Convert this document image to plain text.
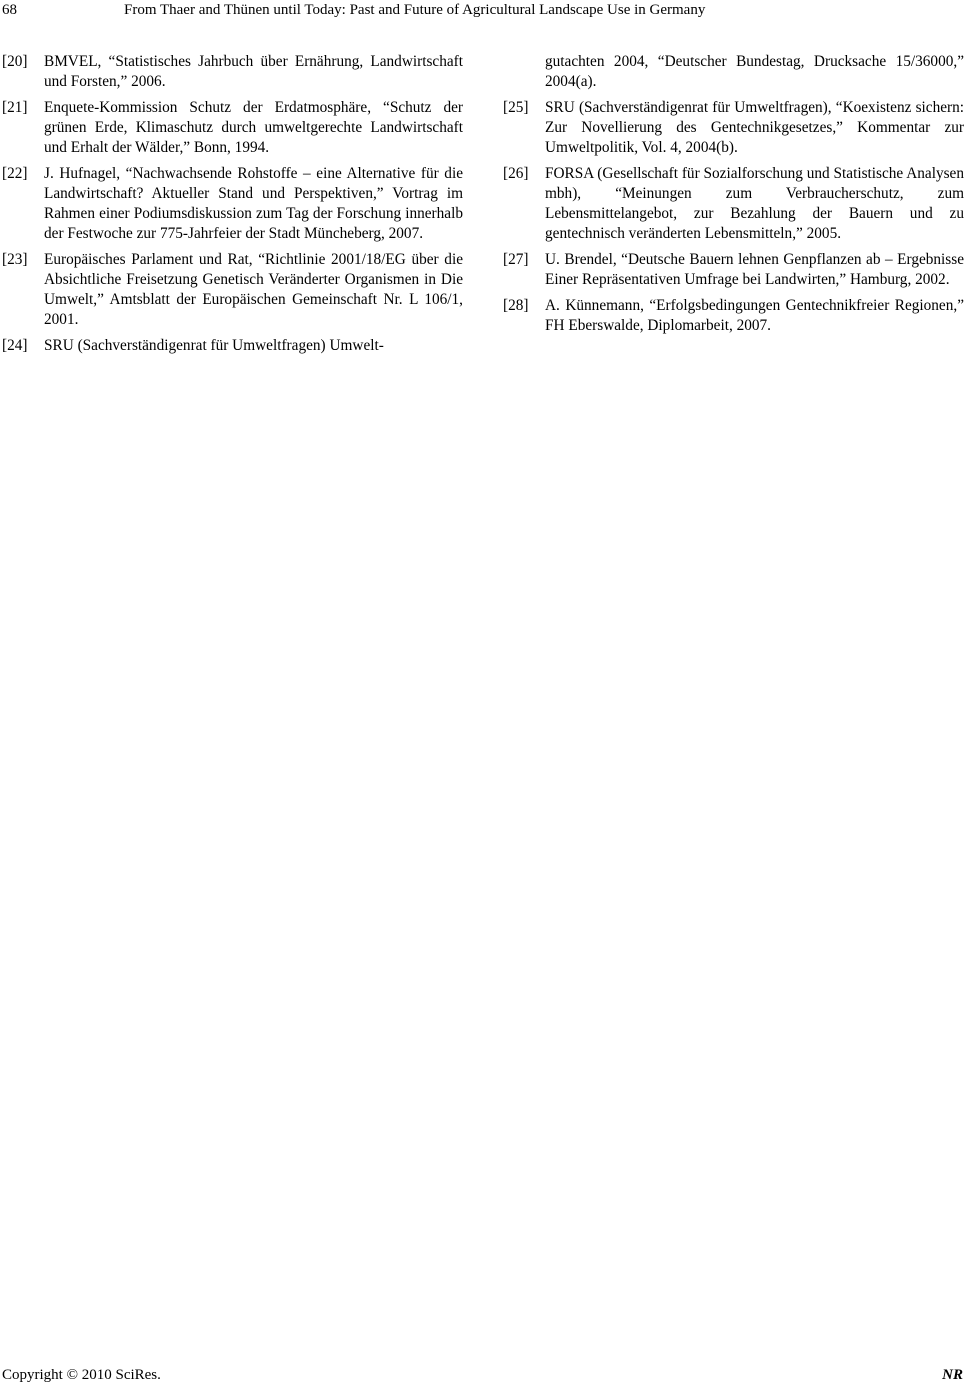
68	From Thaer and Thünen until Today: Past and Future of Agricultural Landscape Use in Germany
[20] BMVEL, “Statistisches Jahrbuch über Ernährung, Landwirtschaft und Forsten,” 2006.
[21] Enquete-Kommission Schutz der Erdatmosphäre, “Schutz der grünen Erde, Klimaschutz durch umweltgerechte Landwirtschaft und Erhalt der Wälder,” Bonn, 1994.
[22] J. Hufnagel, “Nachwachsende Rohstoffe – eine Alternative für die Landwirtschaft? Aktueller Stand und Perspektiven,” Vortrag im Rahmen einer Podiumsdiskussion zum Tag der Forschung innerhalb der Festwoche zur 775-Jahrfeier der Stadt Müncheberg, 2007.
[23] Europäisches Parlament und Rat, “Richtlinie 2001/18/EG über die Absichtliche Freisetzung Genetisch Veränderter Organismen in Die Umwelt,” Amtsblatt der Europäischen Gemeinschaft Nr. L 106/1, 2001.
[24] SRU (Sachverständigenrat für Umweltfragen) Umwelt-
gutachten 2004, “Deutscher Bundestag, Drucksache 15/36000,” 2004(a).
[25] SRU (Sachverständigenrat für Umweltfragen), “Koexistenz sichern: Zur Novellierung des Gentechnikgesetzes,” Kommentar zur Umweltpolitik, Vol. 4, 2004(b).
[26] FORSA (Gesellschaft für Sozialforschung und Statistische Analysen mbh), “Meinungen zum Verbraucherschutz, zum Lebensmittelangebot, zur Bezahlung der Bauern und zu gentechnisch veränderten Lebensmitteln,” 2005.
[27] U. Brendel, “Deutsche Bauern lehnen Genpflanzen ab – Ergebnisse Einer Repräsentativen Umfrage bei Landwirten,” Hamburg, 2002.
[28] A. Künnemann, “Erfolgsbedingungen Gentechnikfreier Regionen,” FH Eberswalde, Diplomarbeit, 2007.
Copyright © 2010 SciRes.	NR
